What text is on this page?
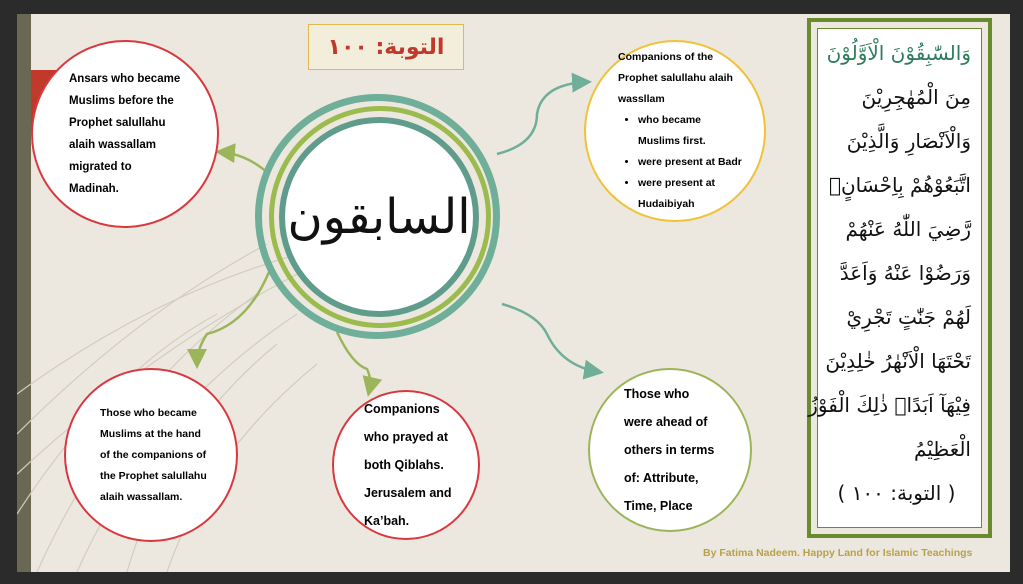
التوبة: ١٠٠
Ansars who became
Muslims before the
Prophet salullahu
alaih wassallam
migrated to
Madinah.
Companions of the
Prophet salullahu alaih
wassllam
• who became Muslims first.
• were present at Badr
• were present at Hudaibiyah
السابقون
Those who became
Muslims at the hand
of the companions of
the Prophet salullahu
alaih wassallam.
Companions
who prayed at
both Qiblahs.
Jerusalem and
Ka’bah.
Those who
were ahead of
others in terms
of: Attribute,
Time, Place
وَالسّٰبِقُوْنَ الْاَوَّلُوْنَ
مِنَ الْمُهٰجِرِيْنَ
وَالْاَنْصَارِ وَالَّذِيْنَ
اتَّبَعُوْهُمْ بِاِحْسَانٍۙ
رَّضِيَ اللّٰهُ عَنْهُمْ
وَرَضُوْا عَنْهُ وَاَعَدَّ
لَهُمْ جَنّٰتٍ تَجْرِيْ
تَحْتَهَا الْاَنْهٰرُ خٰلِدِيْنَ
فِيْهَآ اَبَدًاۗ ذٰلِكَ الْفَوْزُ
الْعَظِيْمُ
( التوبة: ١٠٠ )
By Fatima Nadeem. Happy Land for Islamic Teachings
